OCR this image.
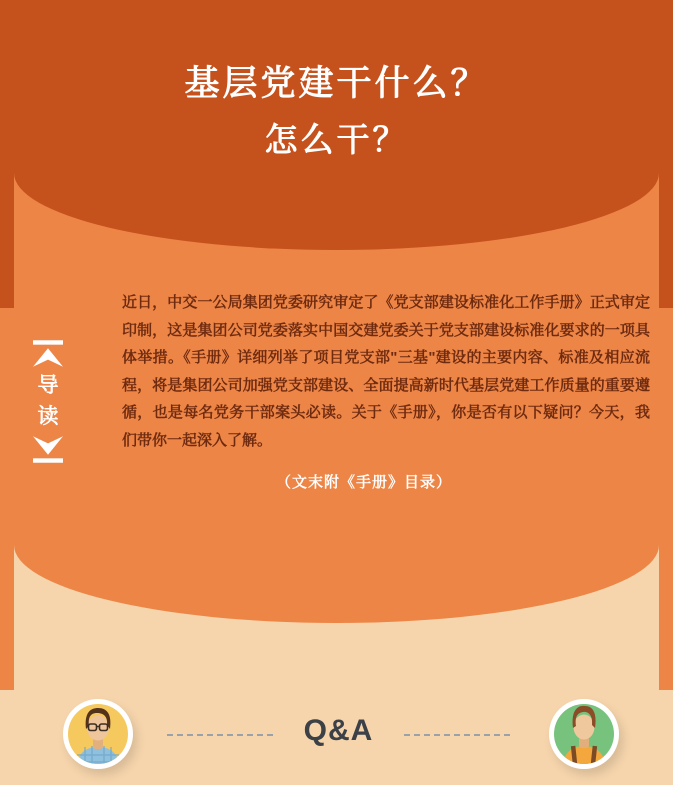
基层党建干什么？
怎么干？
导
读
近日，中交一公局集团党委研究审定了《党支部建设标准化工作手册》正式审定印制，这是集团公司党委落实中国交建党委关于党支部建设标准化要求的一项具体举措。《手册》详细列举了项目党支部"三基"建设的主要内容、标准及相应流程，将是集团公司加强党支部建设、全面提高新时代基层党建工作质量的重要遵循，也是每名党务干部案头必读。关于《手册》，你是否有以下疑问？今天，我们带你一起深入了解。
（文末附《手册》目录）
Q&A
